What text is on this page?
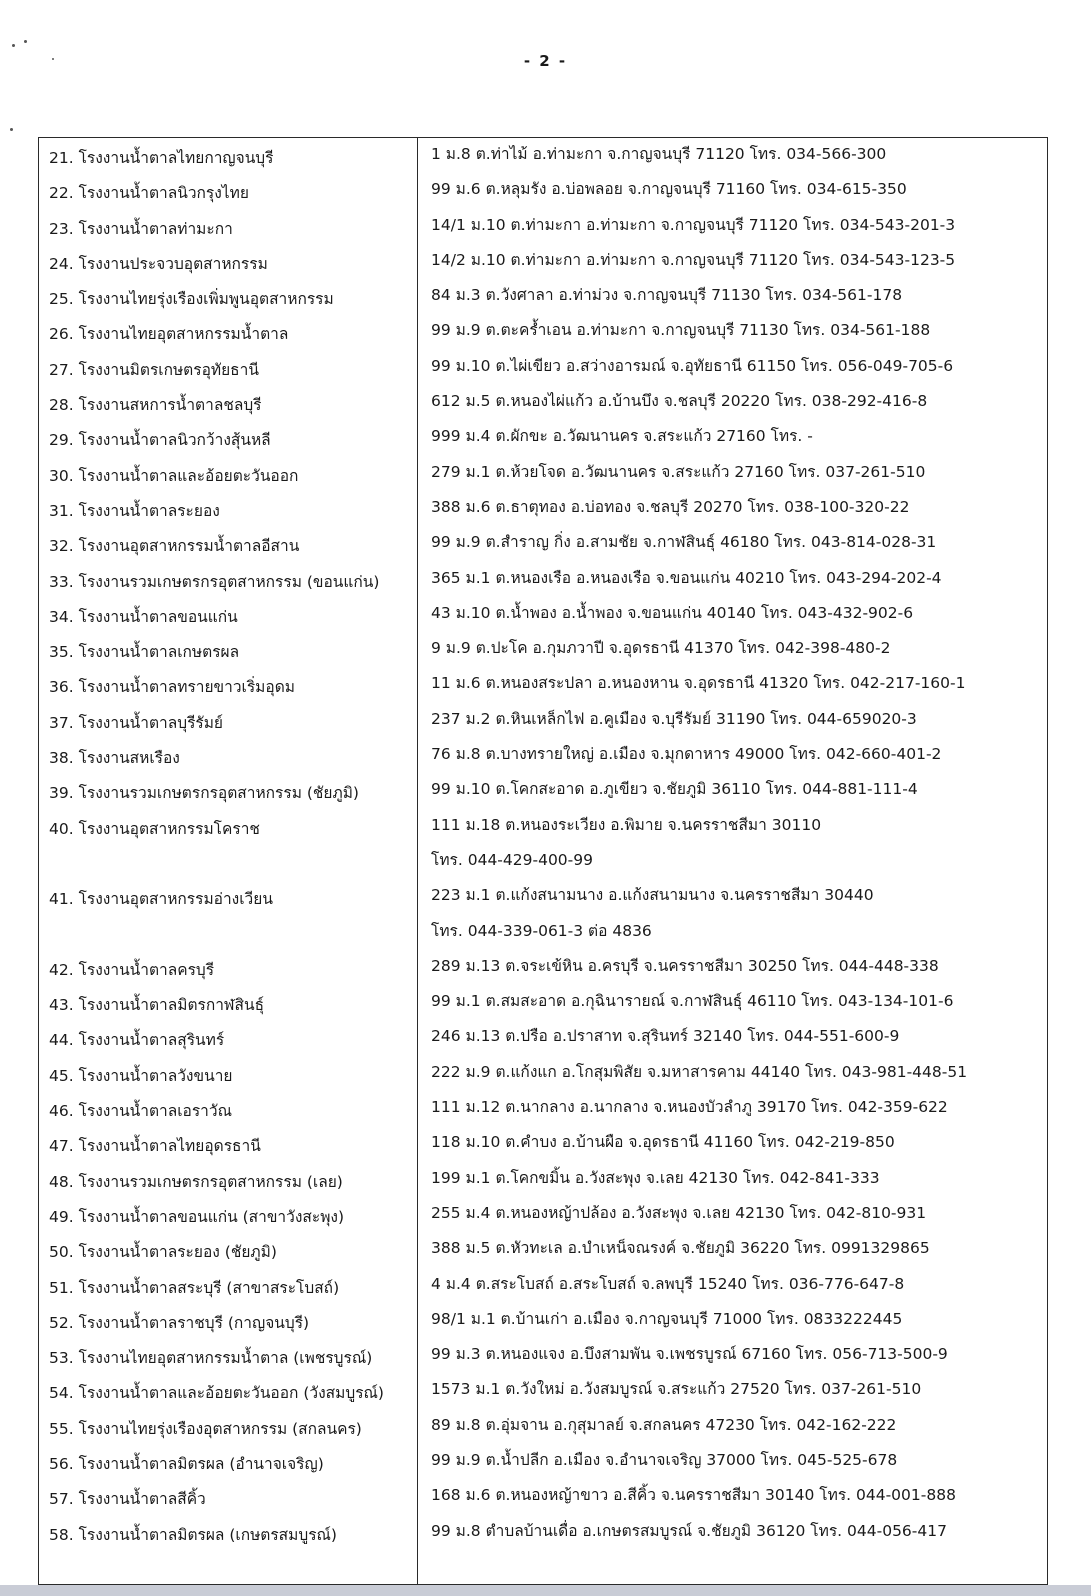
- 2 -
21. โรงงานน้ำตาลไทยกาญจนบุรี	1 ม.8 ต.ท่าไม้ อ.ท่ามะกา จ.กาญจนบุรี 71120 โทร. 034-566-300
22. โรงงานน้ำตาลนิวกรุงไทย	99 ม.6 ต.หลุมรัง อ.บ่อพลอย จ.กาญจนบุรี 71160 โทร. 034-615-350
23. โรงงานน้ำตาลท่ามะกา	14/1 ม.10 ต.ท่ามะกา อ.ท่ามะกา จ.กาญจนบุรี 71120 โทร. 034-543-201-3
24. โรงงานประจวบอุตสาหกรรม	14/2 ม.10 ต.ท่ามะกา อ.ท่ามะกา จ.กาญจนบุรี 71120 โทร. 034-543-123-5
25. โรงงานไทยรุ่งเรืองเพิ่มพูนอุตสาหกรรม	84 ม.3 ต.วังศาลา อ.ท่าม่วง จ.กาญจนบุรี 71130 โทร. 034-561-178
26. โรงงานไทยอุตสาหกรรมน้ำตาล	99 ม.9 ต.ตะคร้ำเอน อ.ท่ามะกา จ.กาญจนบุรี 71130 โทร. 034-561-188
27. โรงงานมิตรเกษตรอุทัยธานี	99 ม.10 ต.ไผ่เขียว อ.สว่างอารมณ์ จ.อุทัยธานี 61150 โทร. 056-049-705-6
28. โรงงานสหการน้ำตาลชลบุรี	612 ม.5 ต.หนองไผ่แก้ว อ.บ้านบึง จ.ชลบุรี 20220 โทร. 038-292-416-8
29. โรงงานน้ำตาลนิวกว้างสุ้นหลี	999 ม.4 ต.ผักขะ อ.วัฒนานคร จ.สระแก้ว 27160 โทร. -
30. โรงงานน้ำตาลและอ้อยตะวันออก	279 ม.1 ต.ห้วยโจด อ.วัฒนานคร จ.สระแก้ว 27160 โทร. 037-261-510
31. โรงงานน้ำตาลระยอง	388 ม.6 ต.ธาตุทอง อ.บ่อทอง จ.ชลบุรี 20270 โทร. 038-100-320-22
32. โรงงานอุตสาหกรรมน้ำตาลอีสาน	99 ม.9 ต.สำราญ กิ่ง อ.สามชัย จ.กาฬสินธุ์ 46180 โทร. 043-814-028-31
33. โรงงานรวมเกษตรกรอุตสาหกรรม (ขอนแก่น)	365 ม.1 ต.หนองเรือ อ.หนองเรือ จ.ขอนแก่น 40210 โทร. 043-294-202-4
34. โรงงานน้ำตาลขอนแก่น	43 ม.10 ต.น้ำพอง อ.น้ำพอง จ.ขอนแก่น 40140 โทร. 043-432-902-6
35. โรงงานน้ำตาลเกษตรผล	9 ม.9 ต.ปะโค อ.กุมภวาปี จ.อุดรธานี 41370 โทร. 042-398-480-2
36. โรงงานน้ำตาลทรายขาวเริ่มอุดม	11 ม.6 ต.หนองสระปลา อ.หนองหาน จ.อุดรธานี 41320 โทร. 042-217-160-1
37. โรงงานน้ำตาลบุรีรัมย์	237 ม.2 ต.หินเหล็กไฟ อ.คูเมือง จ.บุรีรัมย์ 31190 โทร. 044-659020-3
38. โรงงานสหเรือง	76 ม.8 ต.บางทรายใหญ่ อ.เมือง จ.มุกดาหาร 49000 โทร. 042-660-401-2
39. โรงงานรวมเกษตรกรอุตสาหกรรม (ชัยภูมิ)	99 ม.10 ต.โคกสะอาด อ.ภูเขียว จ.ชัยภูมิ 36110 โทร. 044-881-111-4
40. โรงงานอุตสาหกรรมโคราช	111 ม.18 ต.หนองระเวียง อ.พิมาย จ.นครราชสีมา 30110
โทร. 044-429-400-99
41. โรงงานอุตสาหกรรมอ่างเวียน	223 ม.1 ต.แก้งสนามนาง อ.แก้งสนามนาง จ.นครราชสีมา 30440
โทร. 044-339-061-3 ต่อ 4836
42. โรงงานน้ำตาลครบุรี	289 ม.13 ต.จระเข้หิน อ.ครบุรี จ.นครราชสีมา 30250 โทร. 044-448-338
43. โรงงานน้ำตาลมิตรกาฬสินธุ์	99 ม.1 ต.สมสะอาด อ.กุฉินารายณ์ จ.กาฬสินธุ์ 46110 โทร. 043-134-101-6
44. โรงงานน้ำตาลสุรินทร์	246 ม.13 ต.ปรือ อ.ปราสาท จ.สุรินทร์ 32140 โทร. 044-551-600-9
45. โรงงานน้ำตาลวังขนาย	222 ม.9 ต.แก้งแก อ.โกสุมพิสัย จ.มหาสารคาม 44140 โทร. 043-981-448-51
46. โรงงานน้ำตาลเอราวัณ	111 ม.12 ต.นากลาง อ.นากลาง จ.หนองบัวลำภู 39170 โทร. 042-359-622
47. โรงงานน้ำตาลไทยอุดรธานี	118 ม.10 ต.คำบง อ.บ้านผือ จ.อุดรธานี 41160 โทร. 042-219-850
48. โรงงานรวมเกษตรกรอุตสาหกรรม (เลย)	199 ม.1 ต.โคกขมิ้น อ.วังสะพุง จ.เลย 42130 โทร. 042-841-333
49. โรงงานน้ำตาลขอนแก่น (สาขาวังสะพุง)	255 ม.4 ต.หนองหญ้าปล้อง อ.วังสะพุง จ.เลย 42130 โทร. 042-810-931
50. โรงงานน้ำตาลระยอง (ชัยภูมิ)	388 ม.5 ต.หัวทะเล อ.บำเหน็จณรงค์ จ.ชัยภูมิ 36220 โทร. 0991329865
51. โรงงานน้ำตาลสระบุรี (สาขาสระโบสถ์)	4 ม.4 ต.สระโบสถ์ อ.สระโบสถ์ จ.ลพบุรี 15240 โทร. 036-776-647-8
52. โรงงานน้ำตาลราชบุรี (กาญจนบุรี)	98/1 ม.1 ต.บ้านเก่า อ.เมือง จ.กาญจนบุรี 71000 โทร. 0833222445
53. โรงงานไทยอุตสาหกรรมน้ำตาล (เพชรบูรณ์)	99 ม.3 ต.หนองแจง อ.บึงสามพัน จ.เพชรบูรณ์ 67160 โทร. 056-713-500-9
54. โรงงานน้ำตาลและอ้อยตะวันออก (วังสมบูรณ์)	1573 ม.1 ต.วังใหม่ อ.วังสมบูรณ์ จ.สระแก้ว 27520 โทร. 037-261-510
55. โรงงานไทยรุ่งเรืองอุตสาหกรรม (สกลนคร)	89 ม.8 ต.อุ่มจาน อ.กุสุมาลย์ จ.สกลนคร 47230 โทร. 042-162-222
56. โรงงานน้ำตาลมิตรผล (อำนาจเจริญ)	99 ม.9 ต.น้ำปลีก อ.เมือง จ.อำนาจเจริญ 37000 โทร. 045-525-678
57. โรงงานน้ำตาลสีคิ้ว	168 ม.6 ต.หนองหญ้าขาว อ.สีคิ้ว จ.นครราชสีมา 30140 โทร. 044-001-888
58. โรงงานน้ำตาลมิตรผล (เกษตรสมบูรณ์)	99 ม.8 ตำบลบ้านเดื่อ อ.เกษตรสมบูรณ์ จ.ชัยภูมิ 36120 โทร. 044-056-417
